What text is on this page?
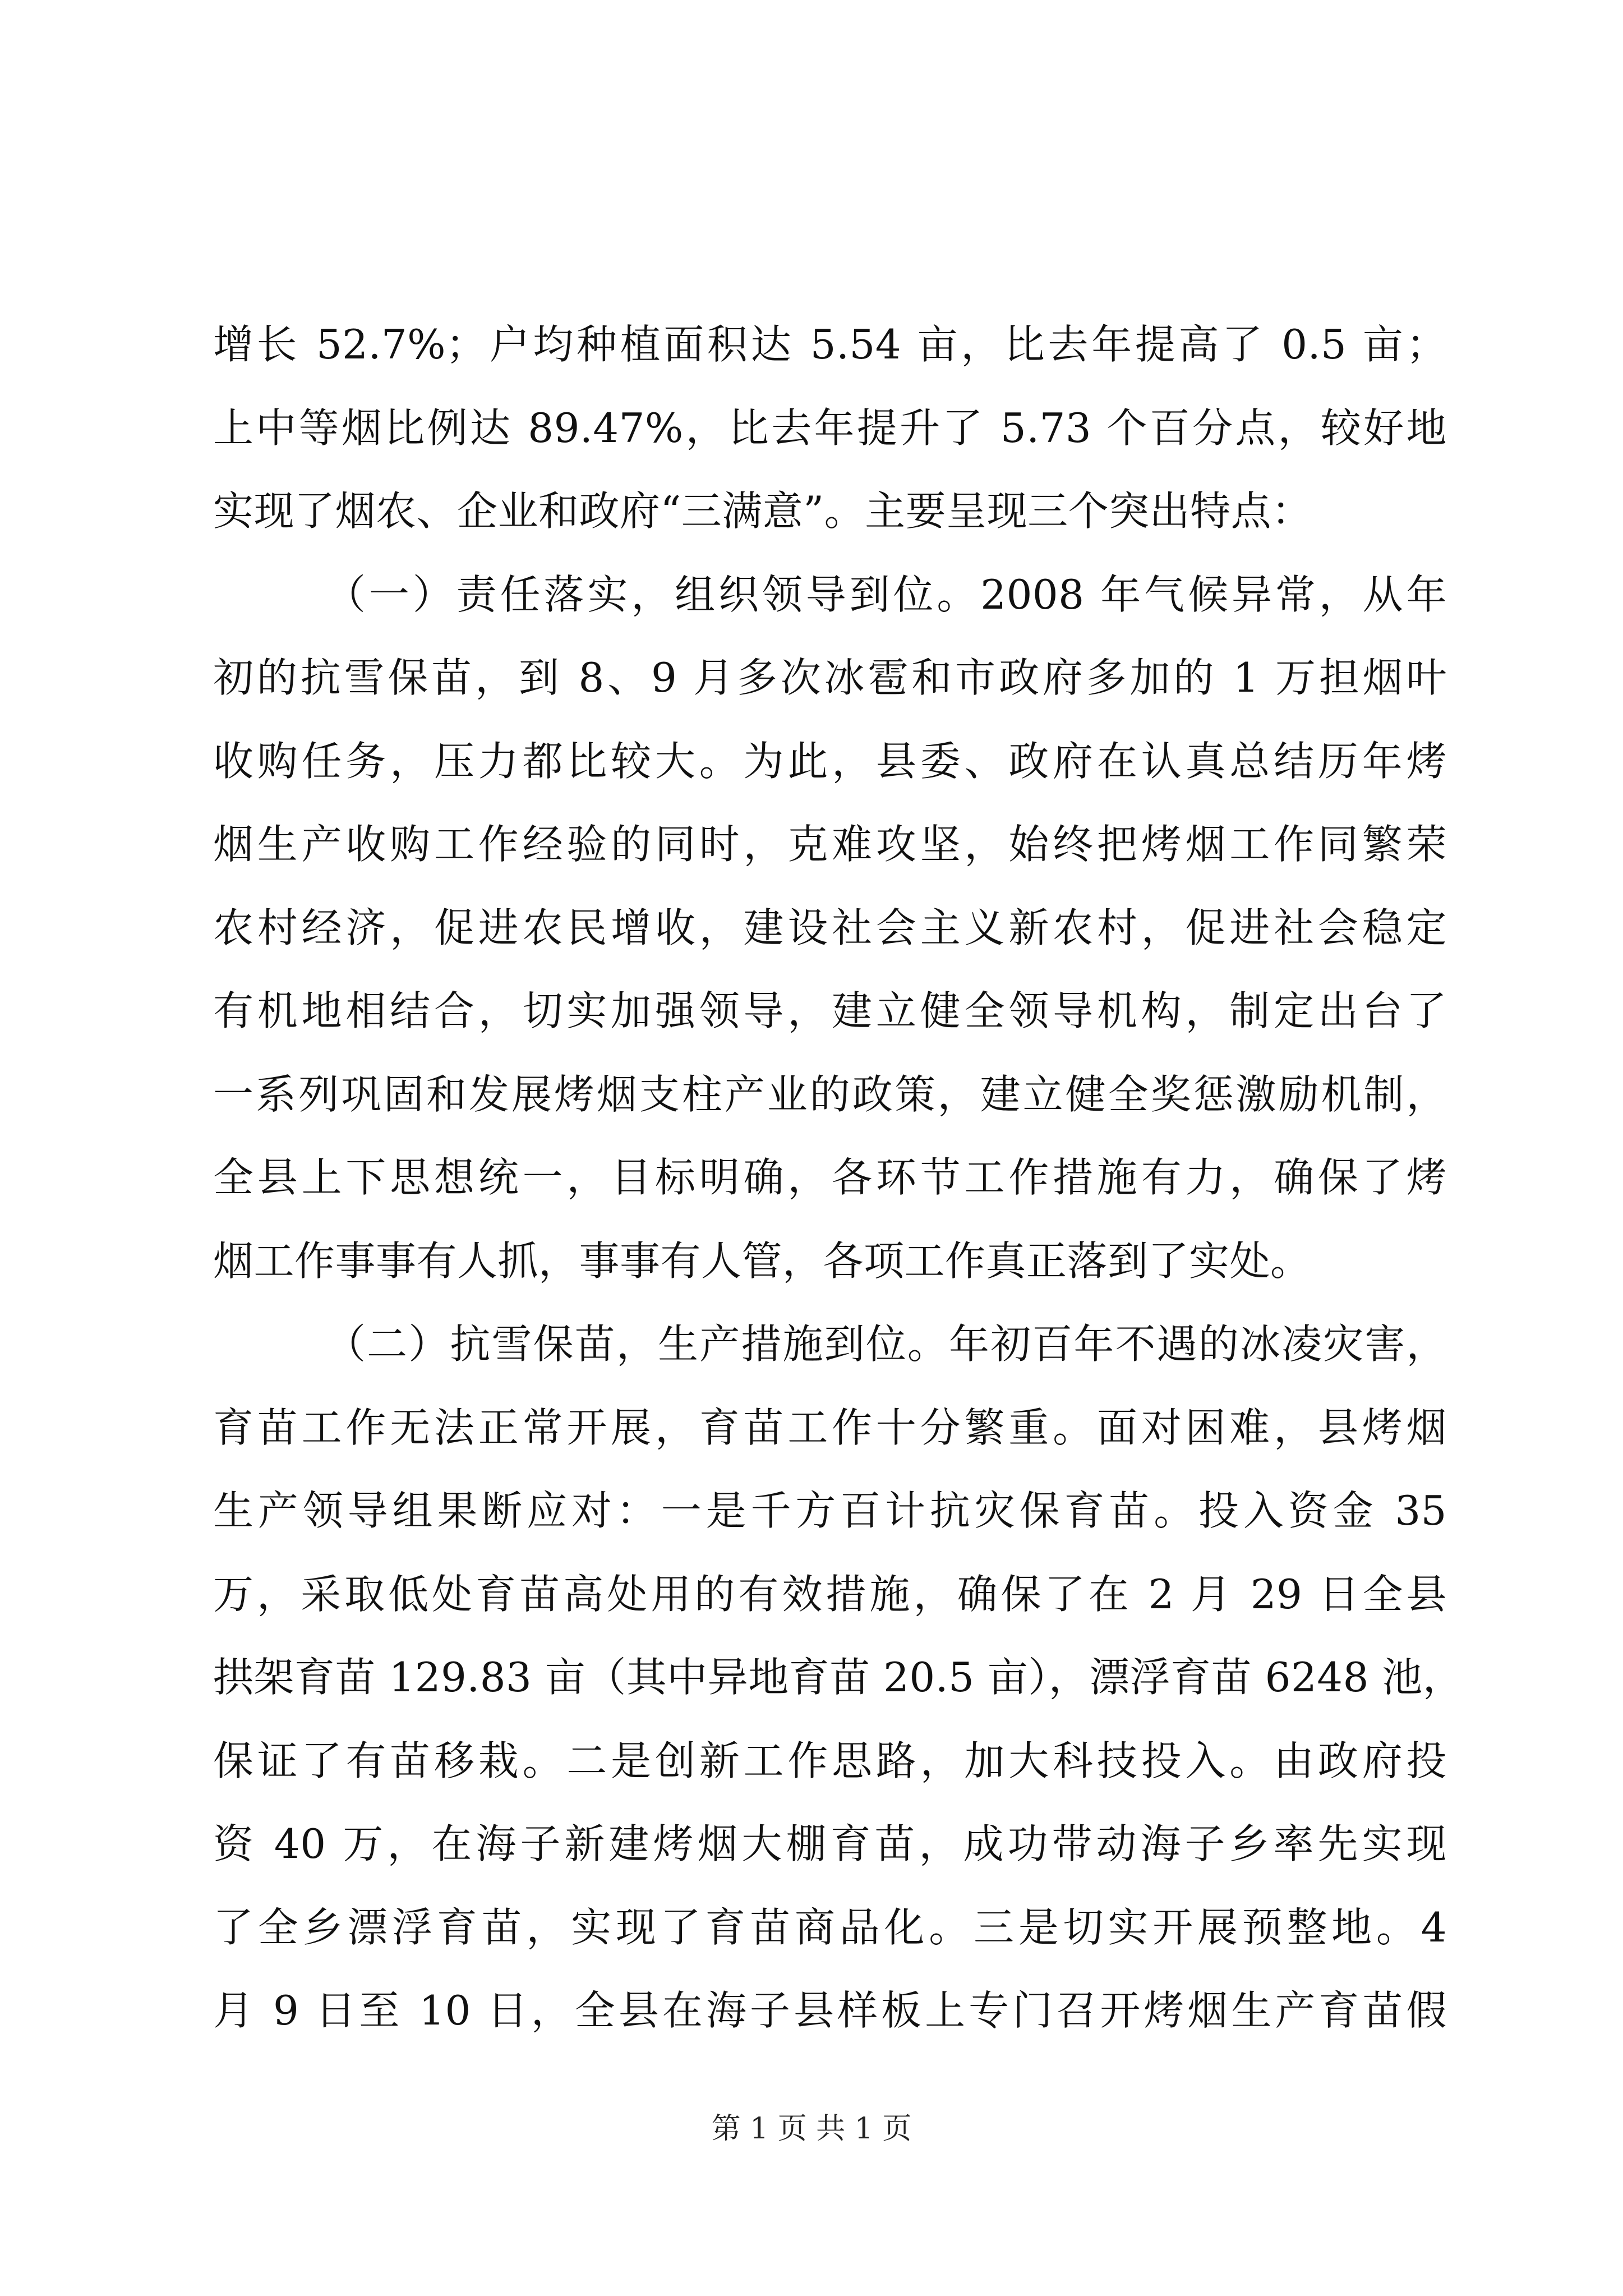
增长 52.7%；户均种植面积达 5.54 亩，比去年提高了 0.5 亩；
上中等烟比例达 89.47%，比去年提升了 5.73 个百分点，较好地
实现了烟农、企业和政府“三满意”。主要呈现三个突出特点：
（一）责任落实，组织领导到位。2008 年气候异常，从年
初的抗雪保苗，到 8、9 月多次冰雹和市政府多加的 1 万担烟叶
收购任务，压力都比较大。为此，县委、政府在认真总结历年烤
烟生产收购工作经验的同时，克难攻坚，始终把烤烟工作同繁荣
农村经济，促进农民增收，建设社会主义新农村，促进社会稳定
有机地相结合，切实加强领导，建立健全领导机构，制定出台了
一系列巩固和发展烤烟支柱产业的政策，建立健全奖惩激励机制，
全县上下思想统一，目标明确，各环节工作措施有力，确保了烤
烟工作事事有人抓，事事有人管，各项工作真正落到了实处。
（二）抗雪保苗，生产措施到位。年初百年不遇的冰凌灾害，
育苗工作无法正常开展，育苗工作十分繁重。面对困难，县烤烟
生产领导组果断应对：一是千方百计抗灾保育苗。投入资金 35
万，采取低处育苗高处用的有效措施，确保了在 2 月 29 日全县
拱架育苗 129.83 亩（其中异地育苗 20.5 亩），漂浮育苗 6248 池，
保证了有苗移栽。二是创新工作思路，加大科技投入。由政府投
资 40 万，在海子新建烤烟大棚育苗，成功带动海子乡率先实现
了全乡漂浮育苗，实现了育苗商品化。三是切实开展预整地。4
月 9 日至 10 日，全县在海子县样板上专门召开烤烟生产育苗假
第 1 页 共 1 页
